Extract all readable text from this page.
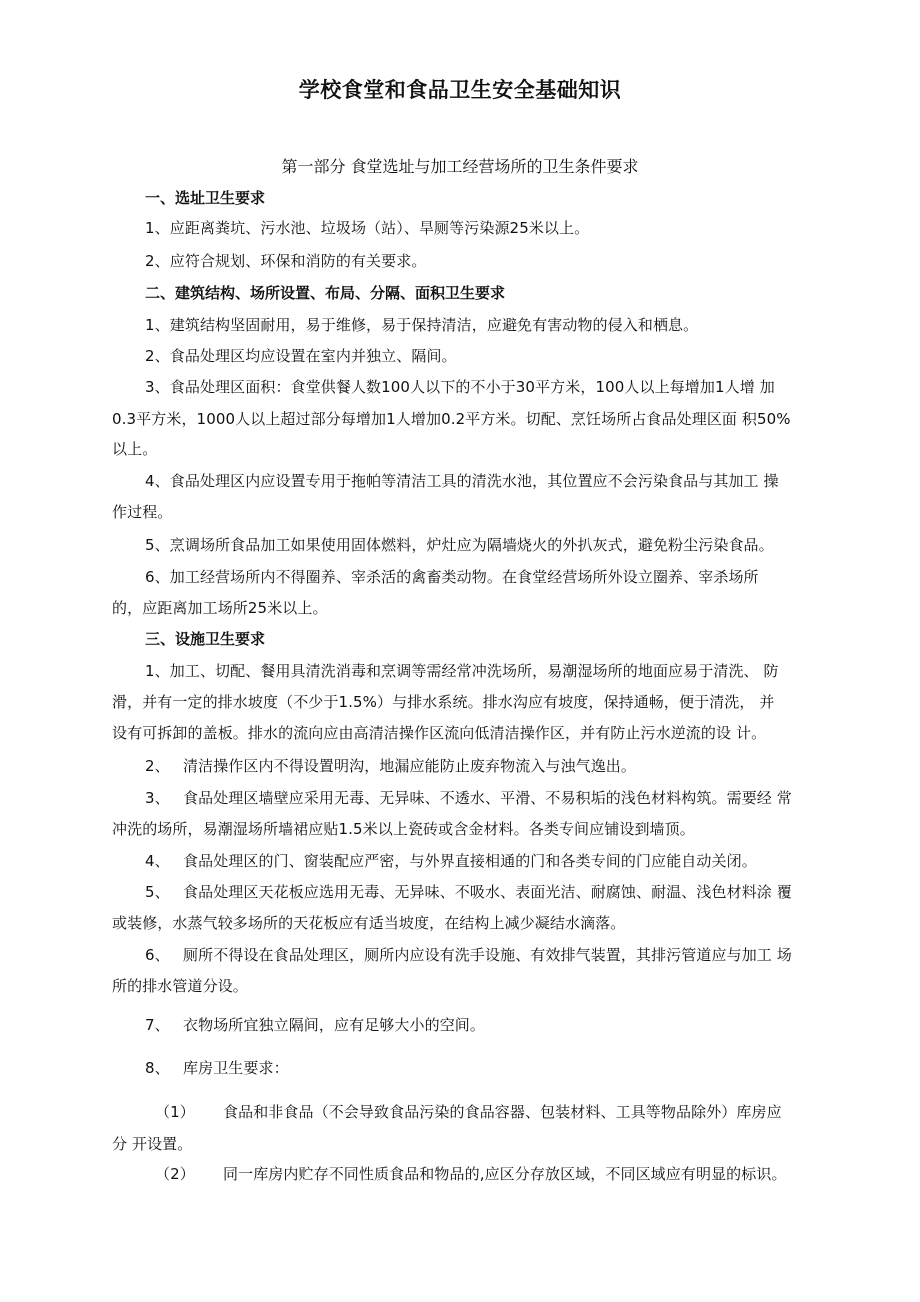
学校食堂和食品卫生安全基础知识
第一部分 食堂选址与加工经营场所的卫生条件要求
一、选址卫生要求
1、应距离粪坑、污水池、垃圾场（站）、旱厕等污染源25米以上。
2、应符合规划、环保和消防的有关要求。
二、建筑结构、场所设置、布局、分隔、面积卫生要求
1、建筑结构坚固耐用，易于维修，易于保持清洁，应避免有害动物的侵入和栖息。
2、食品处理区均应设置在室内并独立、隔间。
3、食品处理区面积：食堂供餐人数100人以下的不小于30平方米，100人以上每增加1人增 加
0.3平方米，1000人以上超过部分每增加1人增加0.2平方米。切配、烹饪场所占食品处理区面 积50%
以上。
4、食品处理区内应设置专用于拖帕等清洁工具的清洗水池，其位置应不会污染食品与其加工 操
作过程。
5、烹调场所食品加工如果使用固体燃料，炉灶应为隔墙烧火的外扒灰式，避免粉尘污染食品。
6、加工经营场所内不得圈养、宰杀活的禽畜类动物。在食堂经营场所外设立圈养、宰杀场所
的，应距离加工场所25米以上。
三、设施卫生要求
1、加工、切配、餐用具清洗消毒和烹调等需经常冲洗场所，易潮湿场所的地面应易于清洗、 防
滑，并有一定的排水坡度（不少于1.5%）与排水系统。排水沟应有坡度，保持通畅，便于清洗， 并
设有可拆卸的盖板。排水的流向应由高清洁操作区流向低清洁操作区，并有防止污水逆流的设 计。
2、 清洁操作区内不得设置明沟，地漏应能防止废弃物流入与浊气逸出。
3、 食品处理区墙壁应采用无毒、无异味、不透水、平滑、不易积垢的浅色材料构筑。需要经 常
冲洗的场所，易潮湿场所墙裙应贴1.5米以上瓷砖或含金材料。各类专间应铺设到墙顶。
4、 食品处理区的门、窗装配应严密，与外界直接相通的门和各类专间的门应能自动关闭。
5、 食品处理区天花板应选用无毒、无异味、不吸水、表面光洁、耐腐蚀、耐温、浅色材料涂 覆
或装修，水蒸气较多场所的天花板应有适当坡度，在结构上减少凝结水滴落。
6、 厕所不得设在食品处理区，厕所内应设有洗手设施、有效排气装置，其排污管道应与加工 场
所的排水管道分设。
7、 衣物场所宜独立隔间，应有足够大小的空间。
8、 库房卫生要求：
（1） 食品和非食品（不会导致食品污染的食品容器、包装材料、工具等物品除外）库房应
分 开设置。
（2） 同一库房内贮存不同性质食品和物品的,应区分存放区域，不同区域应有明显的标识。
